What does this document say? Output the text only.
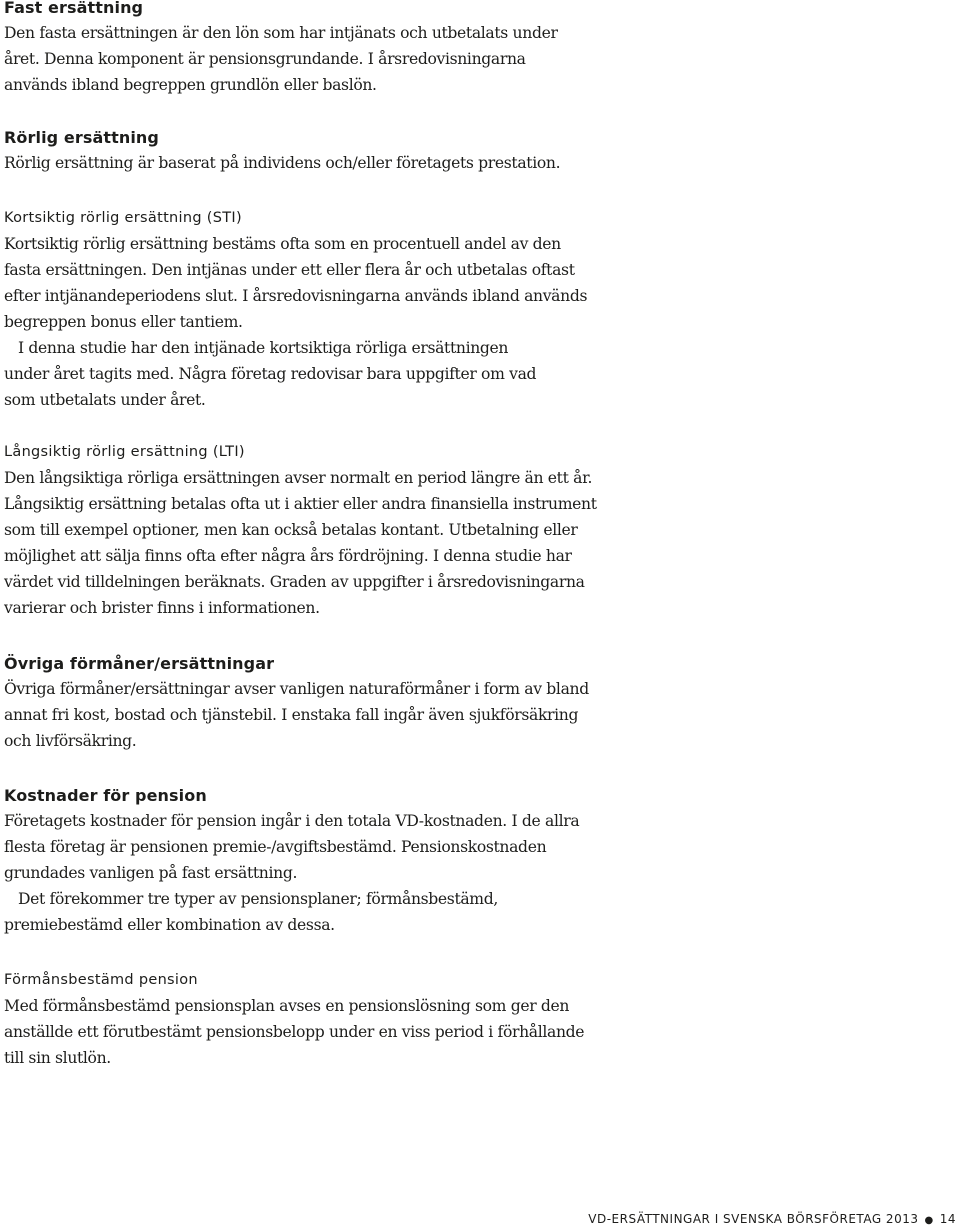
Fast ersättning

Den fasta ersättningen är den lön som har intjänats och utbetalats under
året. Denna komponent är pensionsgrundande. I årsredovisningarna
används ibland begreppen grundlön eller baslön.

Rörlig ersättning

Rörlig ersättning är baserat på individens och/eller företagets prestation.

Kortsiktig rörlig ersättning (STI)

Kortsiktig rörlig ersättning bestäms ofta som en procentuell andel av den
fasta ersättningen. Den intjänas under ett eller flera år och utbetalas oftast
efter intjänandeperiodens slut. I årsredovisningarna används ibland används
begreppen bonus eller tantiem.

I denna studie har den intjänade kortsiktiga rörliga ersättningen
under året tagits med. Några företag redovisar bara uppgifter om vad
som utbetalats under året.

Långsiktig rörlig ersättning (LTI)

Den långsiktiga rörliga ersättningen avser normalt en period längre än ett år.
Långsiktig ersättning betalas ofta ut i aktier eller andra finansiella instrument
som till exempel optioner, men kan också betalas kontant. Utbetalning eller
möjlighet att sälja finns ofta efter några års fördröjning. I denna studie har
värdet vid tilldelningen beräknats. Graden av uppgifter i årsredovisningarna
varierar och brister finns i informationen.

Övriga förmåner/ersättningar

Övriga förmåner/ersättningar avser vanligen naturaförmåner i form av bland
annat fri kost, bostad och tjänstebil. I enstaka fall ingår även sjukförsäkring
och livförsäkring.

Kostnader för pension

Företagets kostnader för pension ingår i den totala VD-kostnaden. I de allra
flesta företag är pensionen premie-/avgiftsbestämd. Pensionskostnaden
grundades vanligen på fast ersättning.

Det förekommer tre typer av pensionsplaner; förmånsbestämd,
premiebestämd eller kombination av dessa.

Förmånsbestämd pension

Med förmånsbestämd pensionsplan avses en pensionslösning som ger den
anställde ett förutbestämt pensionsbelopp under en viss period i förhållande
till sin slutlön.

VD-ERSÄTTNINGAR I SVENSKA BÖRSFÖRETAG 2013 ● 14
